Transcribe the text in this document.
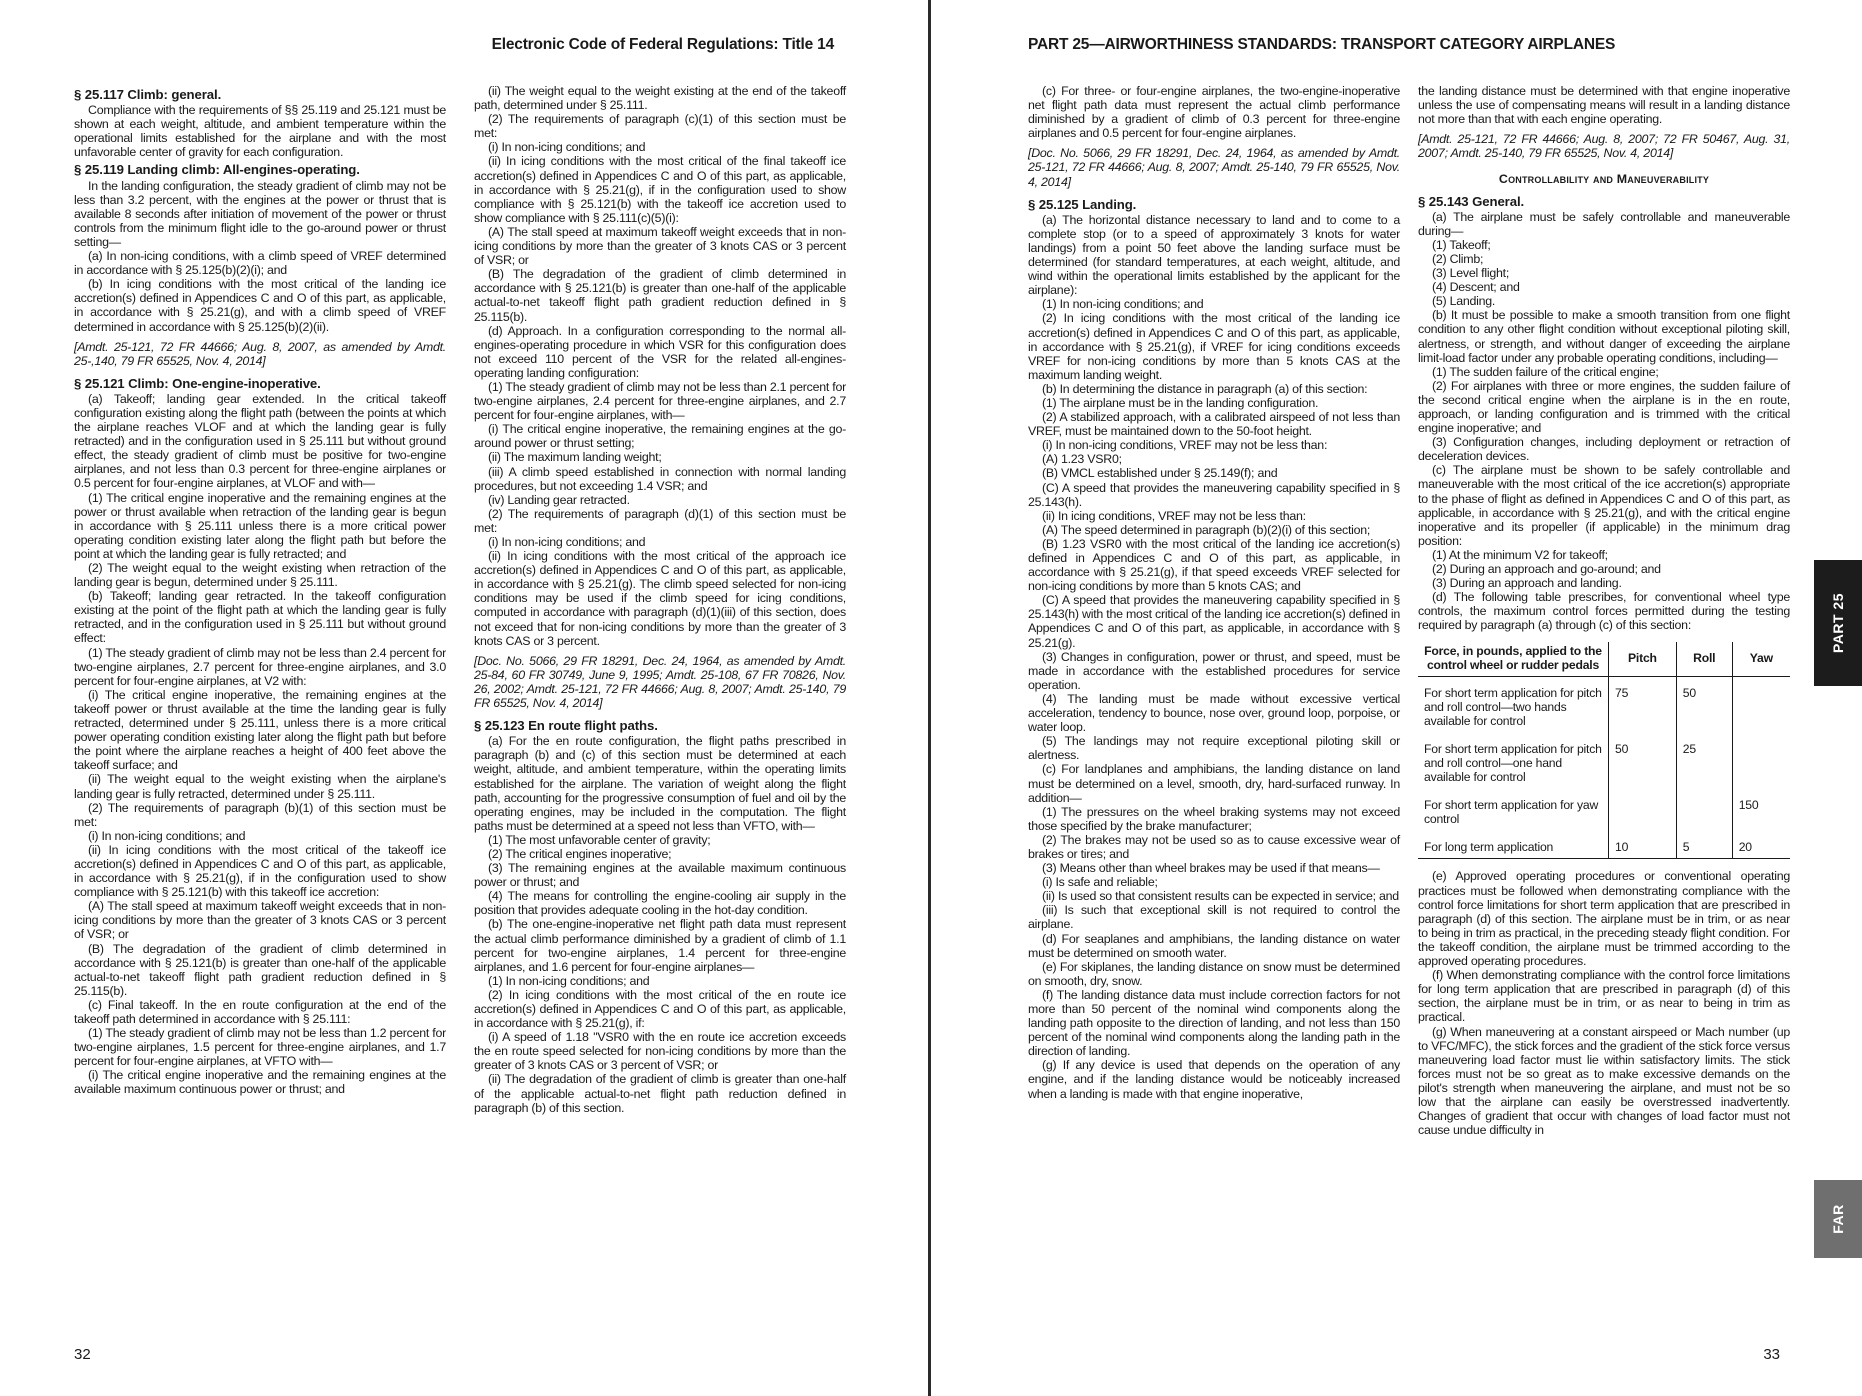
Electronic Code of Federal Regulations: Title 14
§ 25.117 Climb: general.

Compliance with the requirements of §§ 25.119 and 25.121 must be shown at each weight, altitude, and ambient temperature within the operational limits established for the airplane and with the most unfavorable center of gravity for each configuration.

§ 25.119 Landing climb: All-engines-operating.

In the landing configuration, the steady gradient of climb may not be less than 3.2 percent, with the engines at the power or thrust that is available 8 seconds after initiation of movement of the power or thrust controls from the minimum flight idle to the go-around power or thrust setting—

(a) In non-icing conditions, with a climb speed of VREF determined in accordance with § 25.125(b)(2)(i); and

(b) In icing conditions with the most critical of the landing ice accretion(s) defined in Appendices C and O of this part, as applicable, in accordance with § 25.21(g), and with a climb speed of VREF determined in accordance with § 25.125(b)(2)(ii).

[Amdt. 25-121, 72 FR 44666; Aug. 8, 2007, as amended by Amdt. 25-,140, 79 FR 65525, Nov. 4, 2014]

§ 25.121 Climb: One-engine-inoperative.

(a) Takeoff; landing gear extended. In the critical takeoff configuration existing along the flight path (between the points at which the airplane reaches VLOF and at which the landing gear is fully retracted) and in the configuration used in § 25.111 but without ground effect, the steady gradient of climb must be positive for two-engine airplanes, and not less than 0.3 percent for three-engine airplanes or 0.5 percent for four-engine airplanes, at VLOF and with—

(1) The critical engine inoperative and the remaining engines at the power or thrust available when retraction of the landing gear is begun in accordance with § 25.111 unless there is a more critical power operating condition existing later along the flight path but before the point at which the landing gear is fully retracted; and

(2) The weight equal to the weight existing when retraction of the landing gear is begun, determined under § 25.111.

(b) Takeoff; landing gear retracted. In the takeoff configuration existing at the point of the flight path at which the landing gear is fully retracted, and in the configuration used in § 25.111 but without ground effect:

(1) The steady gradient of climb may not be less than 2.4 percent for two-engine airplanes, 2.7 percent for three-engine airplanes, and 3.0 percent for four-engine airplanes, at V2 with:

(i) The critical engine inoperative, the remaining engines at the takeoff power or thrust available at the time the landing gear is fully retracted, determined under § 25.111, unless there is a more critical power operating condition existing later along the flight path but before the point where the airplane reaches a height of 400 feet above the takeoff surface; and

(ii) The weight equal to the weight existing when the airplane's landing gear is fully retracted, determined under § 25.111.

(2) The requirements of paragraph (b)(1) of this section must be met:

(i) In non-icing conditions; and

(ii) In icing conditions with the most critical of the takeoff ice accretion(s) defined in Appendices C and O of this part, as applicable, in accordance with § 25.21(g), if in the configuration used to show compliance with § 25.121(b) with this takeoff ice accretion:

(A) The stall speed at maximum takeoff weight exceeds that in non-icing conditions by more than the greater of 3 knots CAS or 3 percent of VSR; or

(B) The degradation of the gradient of climb determined in accordance with § 25.121(b) is greater than one-half of the applicable actual-to-net takeoff flight path gradient reduction defined in § 25.115(b).

(c) Final takeoff. In the en route configuration at the end of the takeoff path determined in accordance with § 25.111:

(1) The steady gradient of climb may not be less than 1.2 percent for two-engine airplanes, 1.5 percent for three-engine airplanes, and 1.7 percent for four-engine airplanes, at VFTO with—

(i) The critical engine inoperative and the remaining engines at the available maximum continuous power or thrust; and

(ii) The weight equal to the weight existing at the end of the takeoff path, determined under § 25.111.

(2) The requirements of paragraph (c)(1) of this section must be met:

(i) In non-icing conditions; and

(ii) In icing conditions with the most critical of the final takeoff ice accretion(s) defined in Appendices C and O of this part, as applicable, in accordance with § 25.21(g), if in the configuration used to show compliance with § 25.121(b) with the takeoff ice accretion used to show compliance with § 25.111(c)(5)(i):

(A) The stall speed at maximum takeoff weight exceeds that in non-icing conditions by more than the greater of 3 knots CAS or 3 percent of VSR; or

(B) The degradation of the gradient of climb determined in accordance with § 25.121(b) is greater than one-half of the applicable actual-to-net takeoff flight path gradient reduction defined in § 25.115(b).

(d) Approach. In a configuration corresponding to the normal all-engines-operating procedure in which VSR for this configuration does not exceed 110 percent of the VSR for the related all-engines-operating landing configuration:

(1) The steady gradient of climb may not be less than 2.1 percent for two-engine airplanes, 2.4 percent for three-engine airplanes, and 2.7 percent for four-engine airplanes, with—

(i) The critical engine inoperative, the remaining engines at the go-around power or thrust setting;

(ii) The maximum landing weight;

(iii) A climb speed established in connection with normal landing procedures, but not exceeding 1.4 VSR; and

(iv) Landing gear retracted.

(2) The requirements of paragraph (d)(1) of this section must be met:

(i) In non-icing conditions; and

(ii) In icing conditions with the most critical of the approach ice accretion(s) defined in Appendices C and O of this part, as applicable, in accordance with § 25.21(g). The climb speed selected for non-icing conditions may be used if the climb speed for icing conditions, computed in accordance with paragraph (d)(1)(iii) of this section, does not exceed that for non-icing conditions by more than the greater of 3 knots CAS or 3 percent.

[Doc. No. 5066, 29 FR 18291, Dec. 24, 1964, as amended by Amdt. 25-84, 60 FR 30749, June 9, 1995; Amdt. 25-108, 67 FR 70826, Nov. 26, 2002; Amdt. 25-121, 72 FR 44666; Aug. 8, 2007; Amdt. 25-140, 79 FR 65525, Nov. 4, 2014]

§ 25.123 En route flight paths.

(a) For the en route configuration, the flight paths prescribed in paragraph (b) and (c) of this section must be determined at each weight, altitude, and ambient temperature, within the operating limits established for the airplane. The variation of weight along the flight path, accounting for the progressive consumption of fuel and oil by the operating engines, may be included in the computation. The flight paths must be determined at a speed not less than VFTO, with—

(1) The most unfavorable center of gravity;

(2) The critical engines inoperative;

(3) The remaining engines at the available maximum continuous power or thrust; and

(4) The means for controlling the engine-cooling air supply in the position that provides adequate cooling in the hot-day condition.

(b) The one-engine-inoperative net flight path data must represent the actual climb performance diminished by a gradient of climb of 1.1 percent for two-engine airplanes, 1.4 percent for three-engine airplanes, and 1.6 percent for four-engine airplanes—

(1) In non-icing conditions; and

(2) In icing conditions with the most critical of the en route ice accretion(s) defined in Appendices C and O of this part, as applicable, in accordance with § 25.21(g), if:

(i) A speed of 1.18 "VSR0 with the en route ice accretion exceeds the en route speed selected for non-icing conditions by more than the greater of 3 knots CAS or 3 percent of VSR; or

(ii) The degradation of the gradient of climb is greater than one-half of the applicable actual-to-net flight path reduction defined in paragraph (b) of this section.

32
PART 25—AIRWORTHINESS STANDARDS: TRANSPORT CATEGORY AIRPLANES

(c) For three- or four-engine airplanes, the two-engine-inoperative net flight path data must represent the actual climb performance diminished by a gradient of climb of 0.3 percent for three-engine airplanes and 0.5 percent for four-engine airplanes.

[Doc. No. 5066, 29 FR 18291, Dec. 24, 1964, as amended by Amdt. 25-121, 72 FR 44666; Aug. 8, 2007; Amdt. 25-140, 79 FR 65525, Nov. 4, 2014]

§ 25.125 Landing.

(a) The horizontal distance necessary to land and to come to a complete stop (or to a speed of approximately 3 knots for water landings) from a point 50 feet above the landing surface must be determined (for standard temperatures, at each weight, altitude, and wind within the operational limits established by the applicant for the airplane):

(1) In non-icing conditions; and

(2) In icing conditions with the most critical of the landing ice accretion(s) defined in Appendices C and O of this part, as applicable, in accordance with § 25.21(g), if VREF for icing conditions exceeds VREF for non-icing conditions by more than 5 knots CAS at the maximum landing weight.

(b) In determining the distance in paragraph (a) of this section:

(1) The airplane must be in the landing configuration.

(2) A stabilized approach, with a calibrated airspeed of not less than VREF, must be maintained down to the 50-foot height.

(i) In non-icing conditions, VREF may not be less than:

(A) 1.23 VSR0;

(B) VMCL established under § 25.149(f); and

(C) A speed that provides the maneuvering capability specified in § 25.143(h).

(ii) In icing conditions, VREF may not be less than:

(A) The speed determined in paragraph (b)(2)(i) of this section;

(B) 1.23 VSR0 with the most critical of the landing ice accretion(s) defined in Appendices C and O of this part, as applicable, in accordance with § 25.21(g), if that speed exceeds VREF selected for non-icing conditions by more than 5 knots CAS; and

(C) A speed that provides the maneuvering capability specified in § 25.143(h) with the most critical of the landing ice accretion(s) defined in Appendices C and O of this part, as applicable, in accordance with § 25.21(g).

(3) Changes in configuration, power or thrust, and speed, must be made in accordance with the established procedures for service operation.

(4) The landing must be made without excessive vertical acceleration, tendency to bounce, nose over, ground loop, porpoise, or water loop.

(5) The landings may not require exceptional piloting skill or alertness.

(c) For landplanes and amphibians, the landing distance on land must be determined on a level, smooth, dry, hard-surfaced runway. In addition—

(1) The pressures on the wheel braking systems may not exceed those specified by the brake manufacturer;

(2) The brakes may not be used so as to cause excessive wear of brakes or tires; and

(3) Means other than wheel brakes may be used if that means—

(i) Is safe and reliable;

(ii) Is used so that consistent results can be expected in service; and

(iii) Is such that exceptional skill is not required to control the airplane.

(d) For seaplanes and amphibians, the landing distance on water must be determined on smooth water.

(e) For skiplanes, the landing distance on snow must be determined on smooth, dry, snow.

(f) The landing distance data must include correction factors for not more than 50 percent of the nominal wind components along the landing path opposite to the direction of landing, and not less than 150 percent of the nominal wind components along the landing path in the direction of landing.

(g) If any device is used that depends on the operation of any engine, and if the landing distance would be noticeably increased when a landing is made with that engine inoperative,

the landing distance must be determined with that engine inoperative unless the use of compensating means will result in a landing distance not more than that with each engine operating.

[Amdt. 25-121, 72 FR 44666; Aug. 8, 2007; 72 FR 50467, Aug. 31, 2007; Amdt. 25-140, 79 FR 65525, Nov. 4, 2014]

Controllability and Maneuverability
§ 25.143 General.

(a) The airplane must be safely controllable and maneuverable during—

(1) Takeoff;

(2) Climb;

(3) Level flight;

(4) Descent; and

(5) Landing.

(b) It must be possible to make a smooth transition from one flight condition to any other flight condition without exceptional piloting skill, alertness, or strength, and without danger of exceeding the airplane limit-load factor under any probable operating conditions, including—

(1) The sudden failure of the critical engine;

(2) For airplanes with three or more engines, the sudden failure of the second critical engine when the airplane is in the en route, approach, or landing configuration and is trimmed with the critical engine inoperative; and

(3) Configuration changes, including deployment or retraction of deceleration devices.

(c) The airplane must be shown to be safely controllable and maneuverable with the most critical of the ice accretion(s) appropriate to the phase of flight as defined in Appendices C and O of this part, as applicable, in accordance with § 25.21(g), and with the critical engine inoperative and its propeller (if applicable) in the minimum drag position:

(1) At the minimum V2 for takeoff;

(2) During an approach and go-around; and

(3) During an approach and landing.

(d) The following table prescribes, for conventional wheel type controls, the maximum control forces permitted during the testing required by paragraph (a) through (c) of this section:

Force, in pounds, applied to the control wheel or rudder pedals	Pitch	Roll	Yaw
For short term application for pitch and roll control—two hands available for control	75	50	
For short term application for pitch and roll control—one hand available for control	50	25	
For short term application for yaw control			150
For long term application	10	5	20

(e) Approved operating procedures or conventional operating practices must be followed when demonstrating compliance with the control force limitations for short term application that are prescribed in paragraph (d) of this section. The airplane must be in trim, or as near to being in trim as practical, in the preceding steady flight condition. For the takeoff condition, the airplane must be trimmed according to the approved operating procedures.

(f) When demonstrating compliance with the control force limitations for long term application that are prescribed in paragraph (d) of this section, the airplane must be in trim, or as near to being in trim as practical.

(g) When maneuvering at a constant airspeed or Mach number (up to VFC/MFC), the stick forces and the gradient of the stick force versus maneuvering load factor must lie within satisfactory limits. The stick forces must not be so great as to make excessive demands on the pilot's strength when maneuvering the airplane, and must not be so low that the airplane can easily be overstressed inadvertently. Changes of gradient that occur with changes of load factor must not cause undue difficulty in

PART 25
FAR
33
